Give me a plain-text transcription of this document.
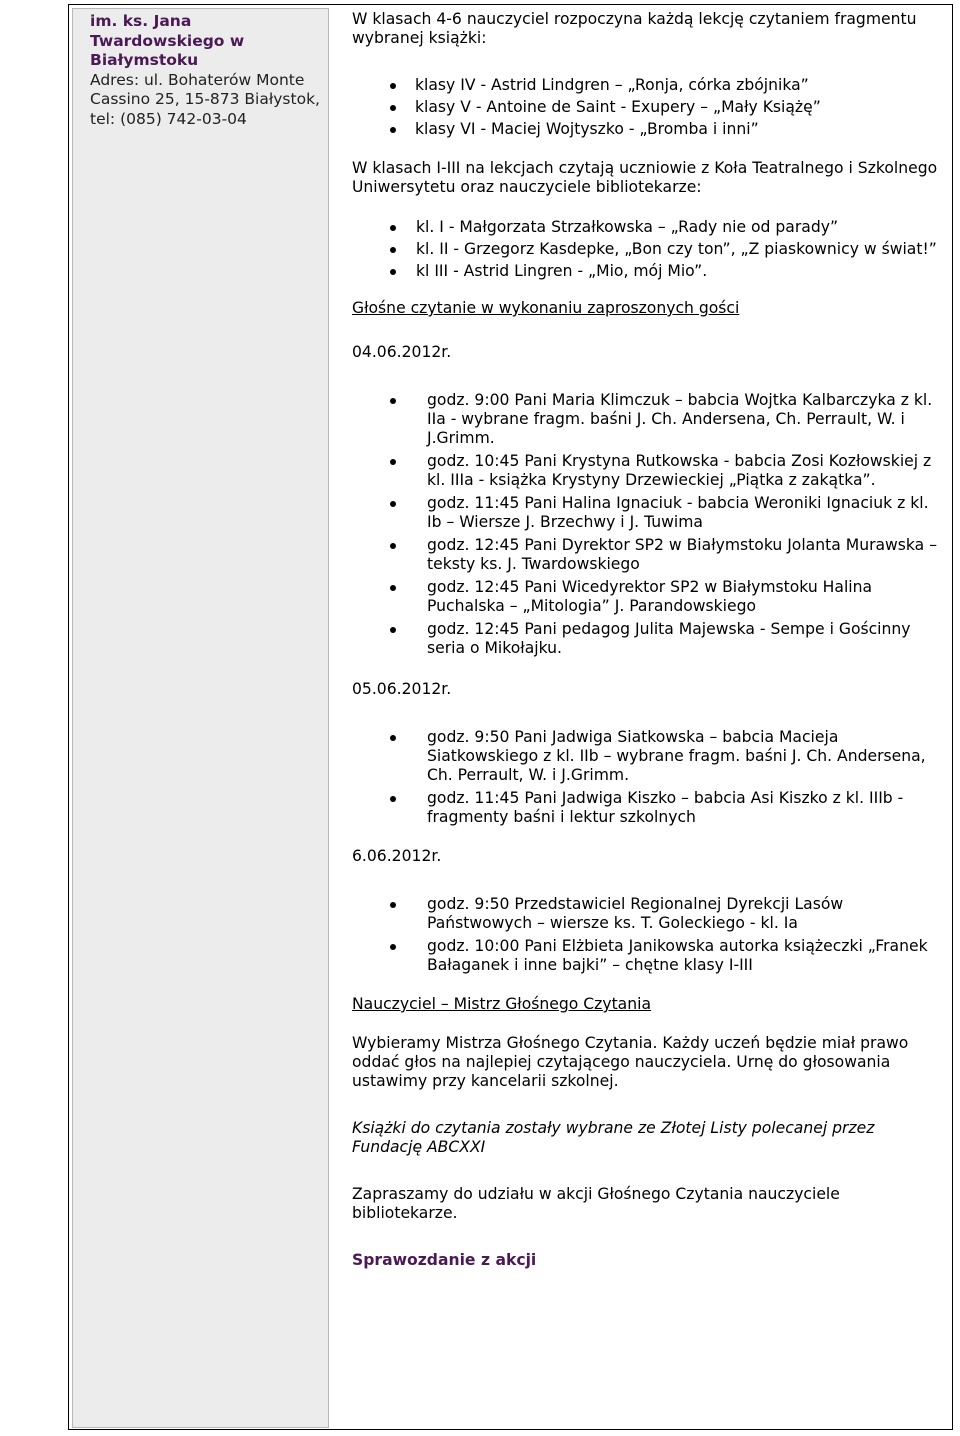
im. ks. Jana Twardowskiego w Białymstoku
Adres: ul. Bohaterów Monte Cassino 25, 15-873 Białystok, tel: (085) 742-03-04

W klasach 4-6 nauczyciel rozpoczyna każdą lekcję czytaniem fragmentu wybranej książki:

klasy IV - Astrid Lindgren – „Ronja, córka zbójnika”
klasy V - Antoine de Saint - Exupery – „Mały Książę”
klasy VI - Maciej Wojtyszko - „Bromba i inni”

W klasach I-III na lekcjach czytają uczniowie z Koła Teatralnego i Szkolnego Uniwersytetu oraz nauczyciele bibliotekarze:

kl. I - Małgorzata Strzałkowska – „Rady nie od parady”
kl. II - Grzegorz Kasdepke, „Bon czy ton”, „Z piaskownicy w świat!”
kl III - Astrid Lingren - „Mio, mój Mio”.

Głośne czytanie w wykonaniu zaproszonych gości

04.06.2012r.

godz. 9:00 Pani Maria Klimczuk – babcia Wojtka Kalbarczyka z kl. IIa - wybrane fragm. baśni J. Ch. Andersena, Ch. Perrault, W. i J.Grimm.
godz. 10:45 Pani Krystyna Rutkowska - babcia Zosi Kozłowskiej z kl. IIIa - książka Krystyny Drzewieckiej „Piątka z zakątka”.
godz. 11:45 Pani Halina Ignaciuk - babcia Weroniki Ignaciuk z kl. Ib – Wiersze J. Brzechwy i J. Tuwima
godz. 12:45 Pani Dyrektor SP2 w Białymstoku Jolanta Murawska – teksty ks. J. Twardowskiego
godz. 12:45 Pani Wicedyrektor SP2 w Białymstoku Halina Puchalska – „Mitologia” J. Parandowskiego
godz. 12:45 Pani pedagog Julita Majewska - Sempe i Gościnny seria o Mikołajku.

05.06.2012r.

godz. 9:50 Pani Jadwiga Siatkowska – babcia Macieja Siatkowskiego z kl. IIb – wybrane fragm. baśni J. Ch. Andersena, Ch. Perrault, W. i J.Grimm.
godz. 11:45 Pani Jadwiga Kiszko – babcia Asi Kiszko z kl. IIIb - fragmenty baśni i lektur szkolnych

6.06.2012r.

godz. 9:50 Przedstawiciel Regionalnej Dyrekcji Lasów Państwowych – wiersze ks. T. Goleckiego - kl. Ia
godz. 10:00 Pani Elżbieta Janikowska autorka książeczki „Franek Bałaganek i inne bajki” – chętne klasy I-III

Nauczyciel – Mistrz Głośnego Czytania

Wybieramy Mistrza Głośnego Czytania. Każdy uczeń będzie miał prawo oddać głos na najlepiej czytającego nauczyciela. Urnę do głosowania ustawimy przy kancelarii szkolnej.

Książki do czytania zostały wybrane ze Złotej Listy polecanej przez Fundację ABCXXI

Zapraszamy do udziału w akcji Głośnego Czytania nauczyciele bibliotekarze.

Sprawozdanie z akcji
